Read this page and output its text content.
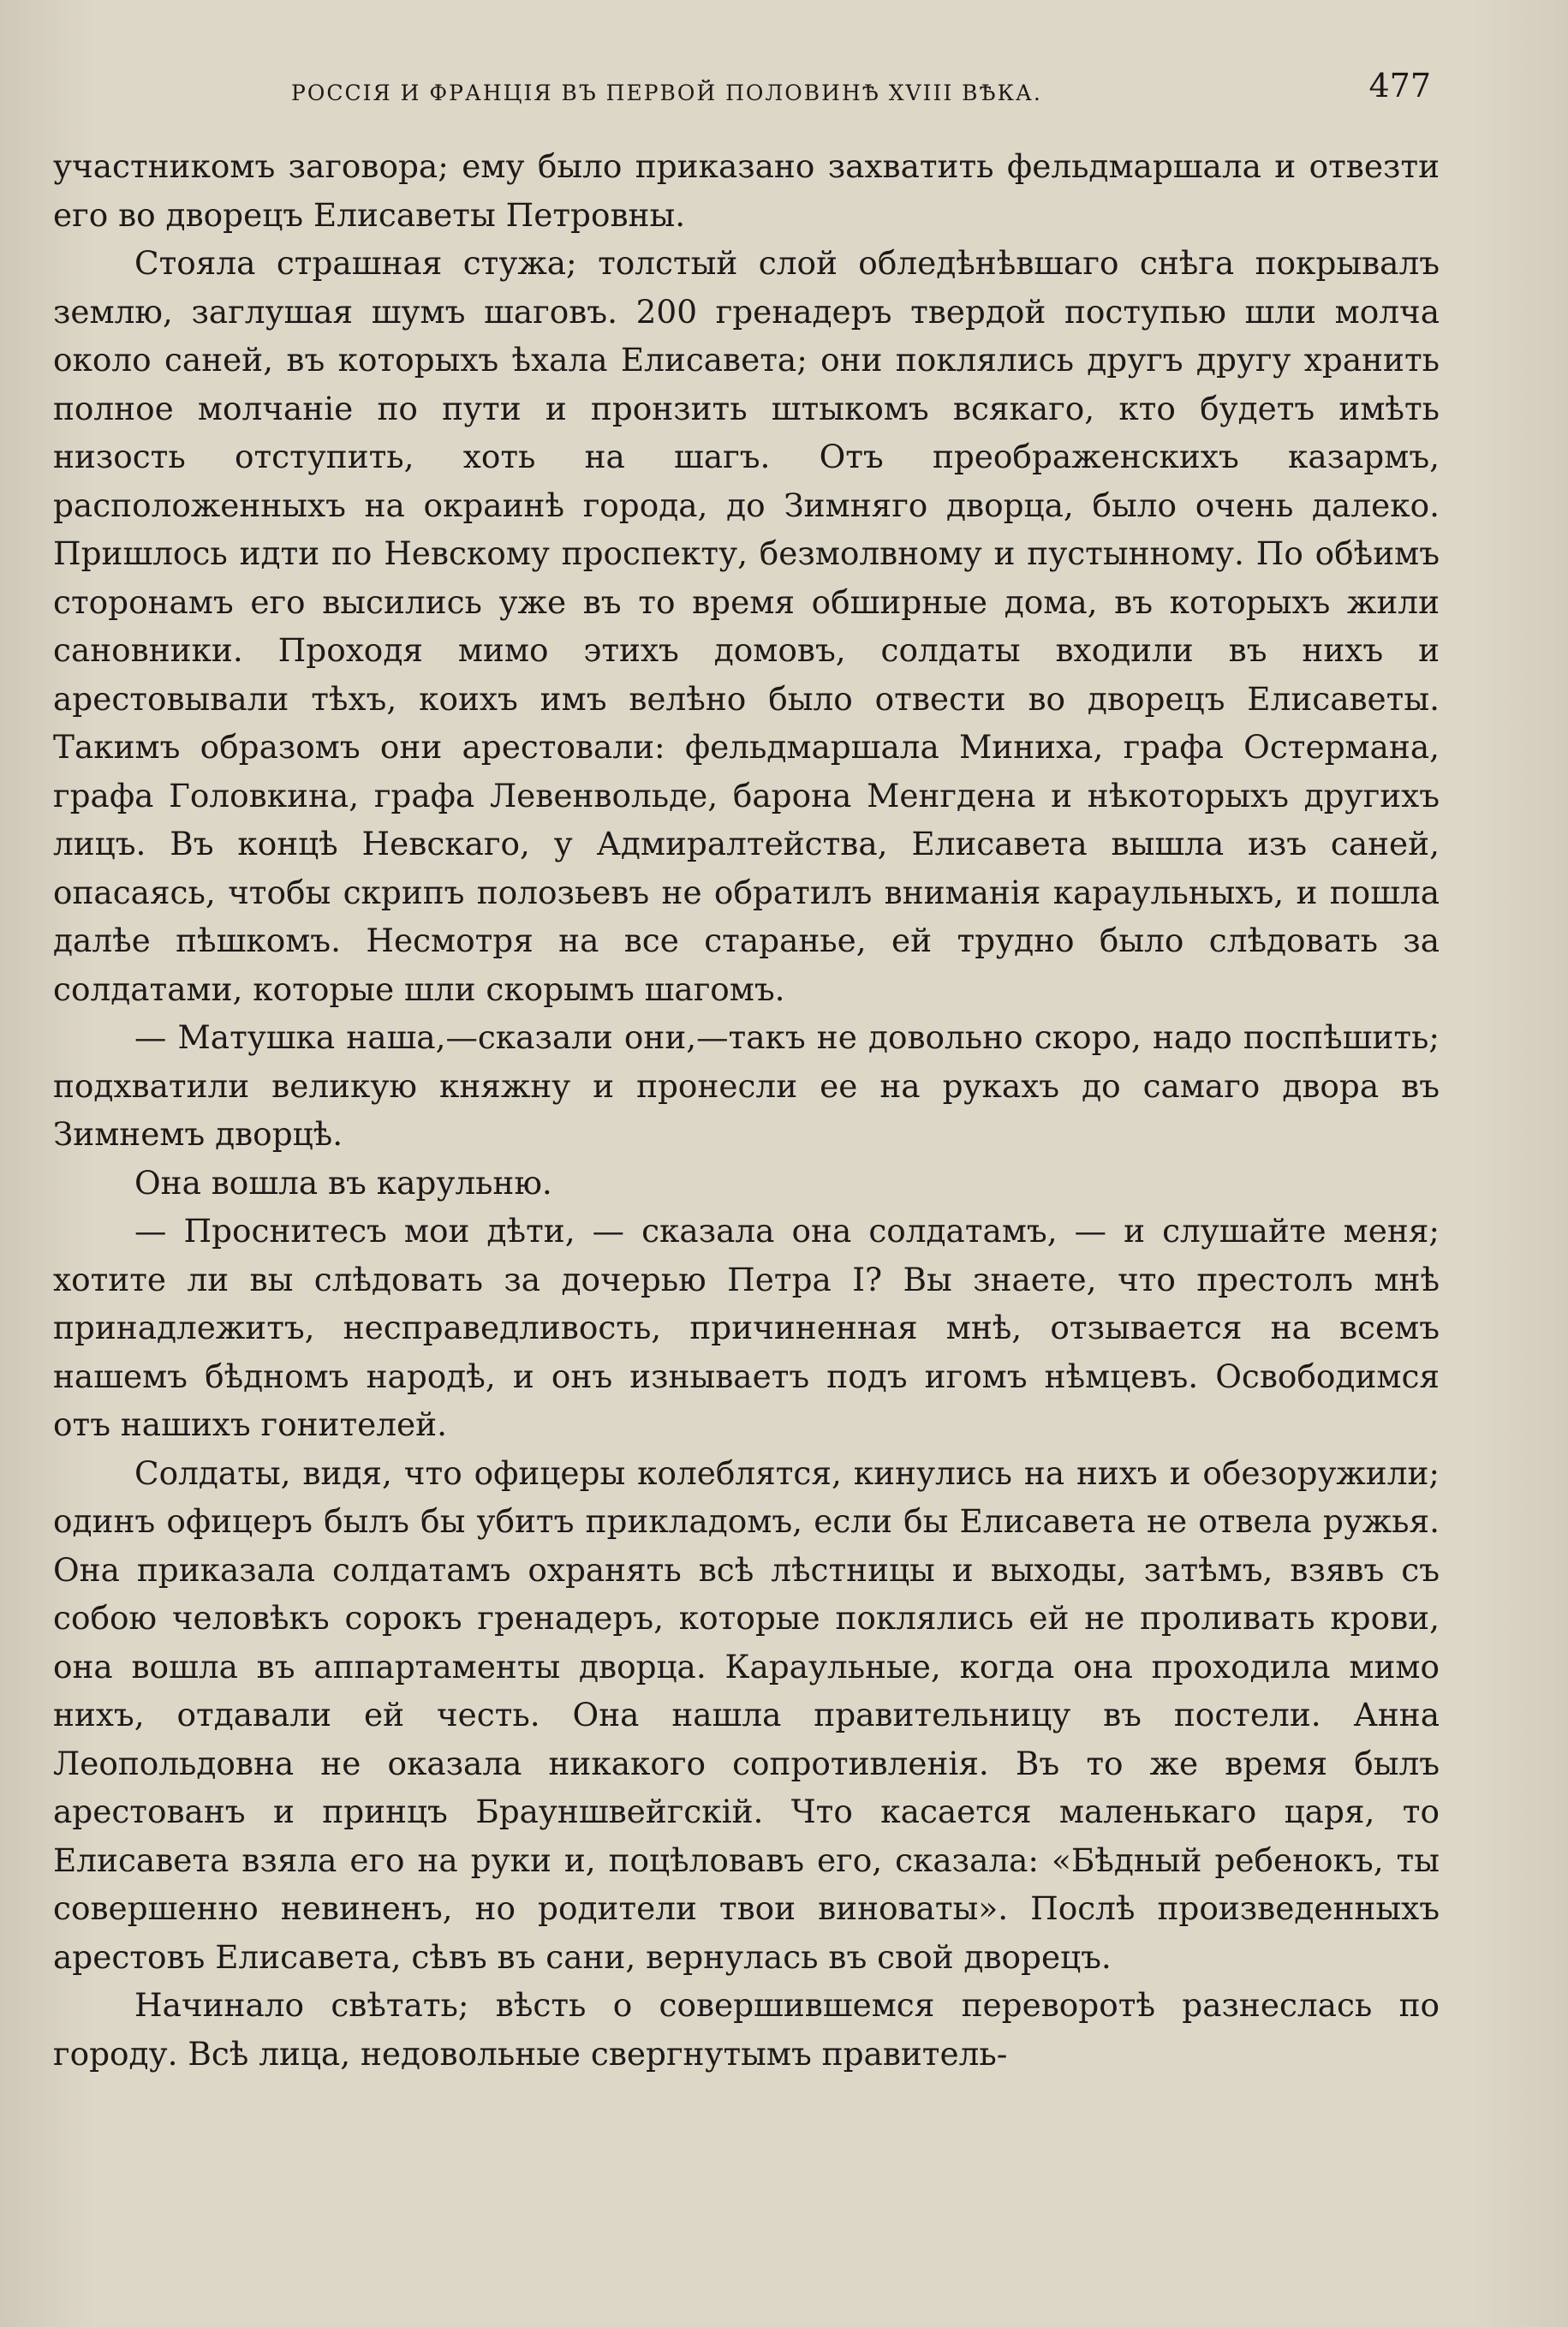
РОССІЯ И ФРАНЦІЯ ВЪ ПЕРВОЙ ПОЛОВИНѢ XVIII ВѢКА.	477

участникомъ заговора; ему было приказано захватить фельдмаршала и отвезти его во дворецъ Елисаветы Петровны.

Стояла страшная стужа; толстый слой обледѣнѣвшаго снѣга покрывалъ землю, заглушая шумъ шаговъ. 200 гренадеръ твердой поступью шли молча около саней, въ которыхъ ѣхала Елисавета; они поклялись другъ другу хранить полное молчаніе по пути и пронзить штыкомъ всякаго, кто будетъ имѣть низость отступить, хоть на шагъ. Отъ преображенскихъ казармъ, расположенныхъ на окраинѣ города, до Зимняго дворца, было очень далеко. Пришлось идти по Невскому проспекту, безмолвному и пустынному. По обѣимъ сторонамъ его высились уже въ то время обширные дома, въ которыхъ жили сановники. Проходя мимо этихъ домовъ, солдаты входили въ нихъ и арестовывали тѣхъ, коихъ имъ велѣно было отвести во дворецъ Елисаветы. Такимъ образомъ они арестовали: фельдмаршала Миниха, графа Остермана, графа Головкина, графа Левенвольде, барона Менгдена и нѣкоторыхъ другихъ лицъ. Въ концѣ Невскаго, у Адмиралтейства, Елисавета вышла изъ саней, опасаясь, чтобы скрипъ полозьевъ не обратилъ вниманія караульныхъ, и пошла далѣе пѣшкомъ. Несмотря на все старанье, ей трудно было слѣдовать за солдатами, которые шли скорымъ шагомъ.

— Матушка наша,—сказали они,—такъ не довольно скоро, надо поспѣшить; подхватили великую княжну и пронесли ее на рукахъ до самаго двора въ Зимнемъ дворцѣ.

Она вошла въ карульню.

— Проснитесъ мои дѣти, — сказала она солдатамъ, — и слушайте меня; хотите ли вы слѣдовать за дочерью Петра I? Вы знаете, что престолъ мнѣ принадлежитъ, несправедливость, причиненная мнѣ, отзывается на всемъ нашемъ бѣдномъ народѣ, и онъ изнываетъ подъ игомъ нѣмцевъ. Освободимся отъ нашихъ гонителей.

Солдаты, видя, что офицеры колеблятся, кинулись на нихъ и обезоружили; одинъ офицеръ былъ бы убитъ прикладомъ, если бы Елисавета не отвела ружья. Она приказала солдатамъ охранять всѣ лѣстницы и выходы, затѣмъ, взявъ съ собою человѣкъ сорокъ гренадеръ, которые поклялись ей не проливать крови, она вошла въ аппартаменты дворца. Караульные, когда она проходила мимо нихъ, отдавали ей честь. Она нашла правительницу въ постели. Анна Леопольдовна не оказала никакого сопротивленія. Въ то же время былъ арестованъ и принцъ Брауншвейгскій. Что касается маленькаго царя, то Елисавета взяла его на руки и, поцѣловавъ его, сказала: «Бѣдный ребенокъ, ты совершенно невиненъ, но родители твои виноваты». Послѣ произведенныхъ арестовъ Елисавета, сѣвъ въ сани, вернулась въ свой дворецъ.

Начинало свѣтать; вѣсть о совершившемся переворотѣ разнеслась по городу. Всѣ лица, недовольные свергнутымъ правитель-
